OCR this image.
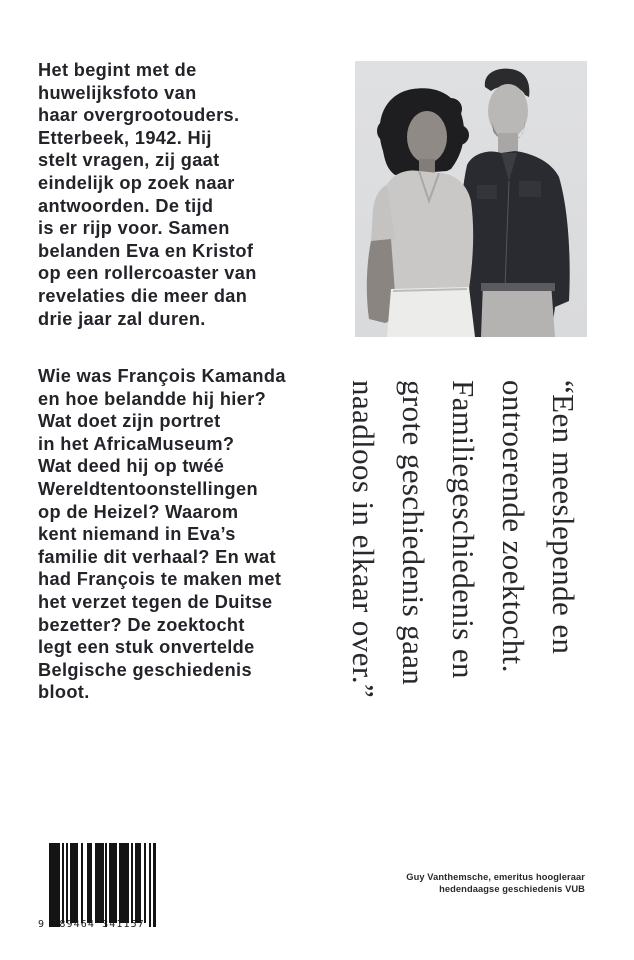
Het begint met de
huwelijksfoto van
haar overgrootouders.
Etterbeek, 1942. Hij
stelt vragen, zij gaat
eindelijk op zoek naar
antwoorden. De tijd
is er rijp voor. Samen
belanden Eva en Kristof
op een rollercoaster van
revelaties die meer dan
drie jaar zal duren.
Wie was François Kamanda
en hoe belandde hij hier?
Wat doet zijn portret
in het AfricaMuseum?
Wat deed hij op twéé
Wereldtentoonstellingen
op de Heizel? Waarom
kent niemand in Eva’s
familie dit verhaal? En wat
had François te maken met
het verzet tegen de Duitse
bezetter? De zoektocht
legt een stuk onvertelde
Belgische geschiedenis
bloot.
“Een meeslepende en
ontroerende zoektocht.
Familiegeschiedenis en
grote geschiedenis gaan
naadloos in elkaar over.”
9 789464 341157
Guy Vanthemsche, emeritus hoogleraar
hedendaagse geschiedenis VUB
